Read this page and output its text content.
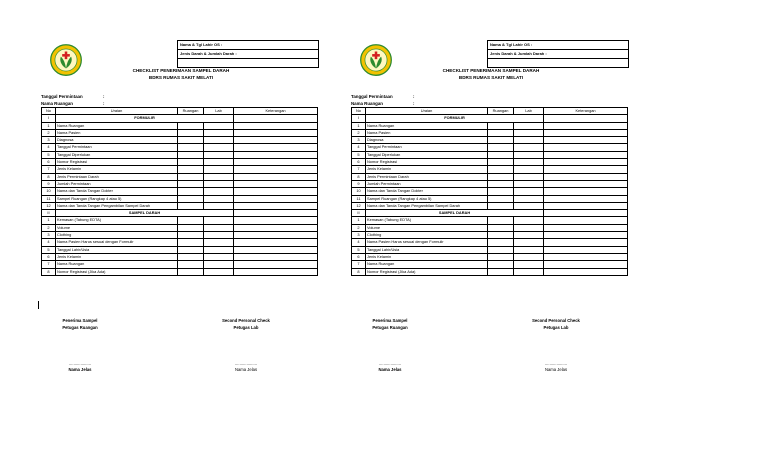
Nama & Tgl Lahir OS :
Jenis Darah & Jumlah Darah :
CHECKLIST PENERIMAAN SAMPEL DARAH
BDRS RUMAS SAKIT MELATI
Tanggal Permintaan	:
Nama Ruangan	:
No	Uraian	Ruangan	Lab	Keterangan
I	FORMULIR			
1	Nama Ruangan			
2	Nama Pasien			
3	Diagnosa			
4	Tanggal Permintaan			
5	Tanggal Diperlukan			
6	Nomor Registrasi			
7	Jenis Kelamin			
8	Jenis Permintaan Darah			
9	Jumlah Permintaan			
10	Nama dan Tanda Tangan Dokter			
11	Sampel Ruangan (Rangkap 4 atau 5)			
12	Nama dan Tanda Tangan Pengambilan Sampel Darah			
II	SAMPEL DARAH			
1	Kemasan (Tabung EDTA)			
2	Volume			
3	Clothing			
4	Nama Pasien Harus sesuai dengan Formulir			
5	Tanggal Lahir/Usia			
6	Jenis Kelamin			
7	Nama Ruangan			
8	Nomor Registrasi (Jika Ada)			
Nama & Tgl Lahir OS :
Jenis Darah & Jumlah Darah :
CHECKLIST PENERIMAAN SAMPEL DARAH
BDRS RUMAS SAKIT MELATI
Tanggal Permintaan	:
Nama Ruangan	:
No	Uraian	Ruangan	Lab	Keterangan
I	FORMULIR			
1	Nama Ruangan			
2	Nama Pasien			
3	Diagnosa			
4	Tanggal Permintaan			
5	Tanggal Diperlukan			
6	Nomor Registrasi			
7	Jenis Kelamin			
8	Jenis Permintaan Darah			
9	Jumlah Permintaan			
10	Nama dan Tanda Tangan Dokter			
11	Sampel Ruangan (Rangkap 4 atau 5)			
12	Nama dan Tanda Tangan Pengambilan Sampel Darah			
II	SAMPEL DARAH			
1	Kemasan (Tabung EDTA)			
2	Volume			
3	Clothing			
4	Nama Pasien Harus sesuai dengan Formulir			
5	Tanggal Lahir/Usia			
6	Jenis Kelamin			
7	Nama Ruangan			
8	Nomor Registrasi (Jika Ada)			
Penerima Sampel
Petugas Ruangan
Second Personal Check
Petugas Lab
...................	...................
Nama Jelas	Nama Jelas
Penerima Sampel
Petugas Ruangan
Second Personal Check
Petugas Lab
...................	...................
Nama Jelas	Nama Jelas
